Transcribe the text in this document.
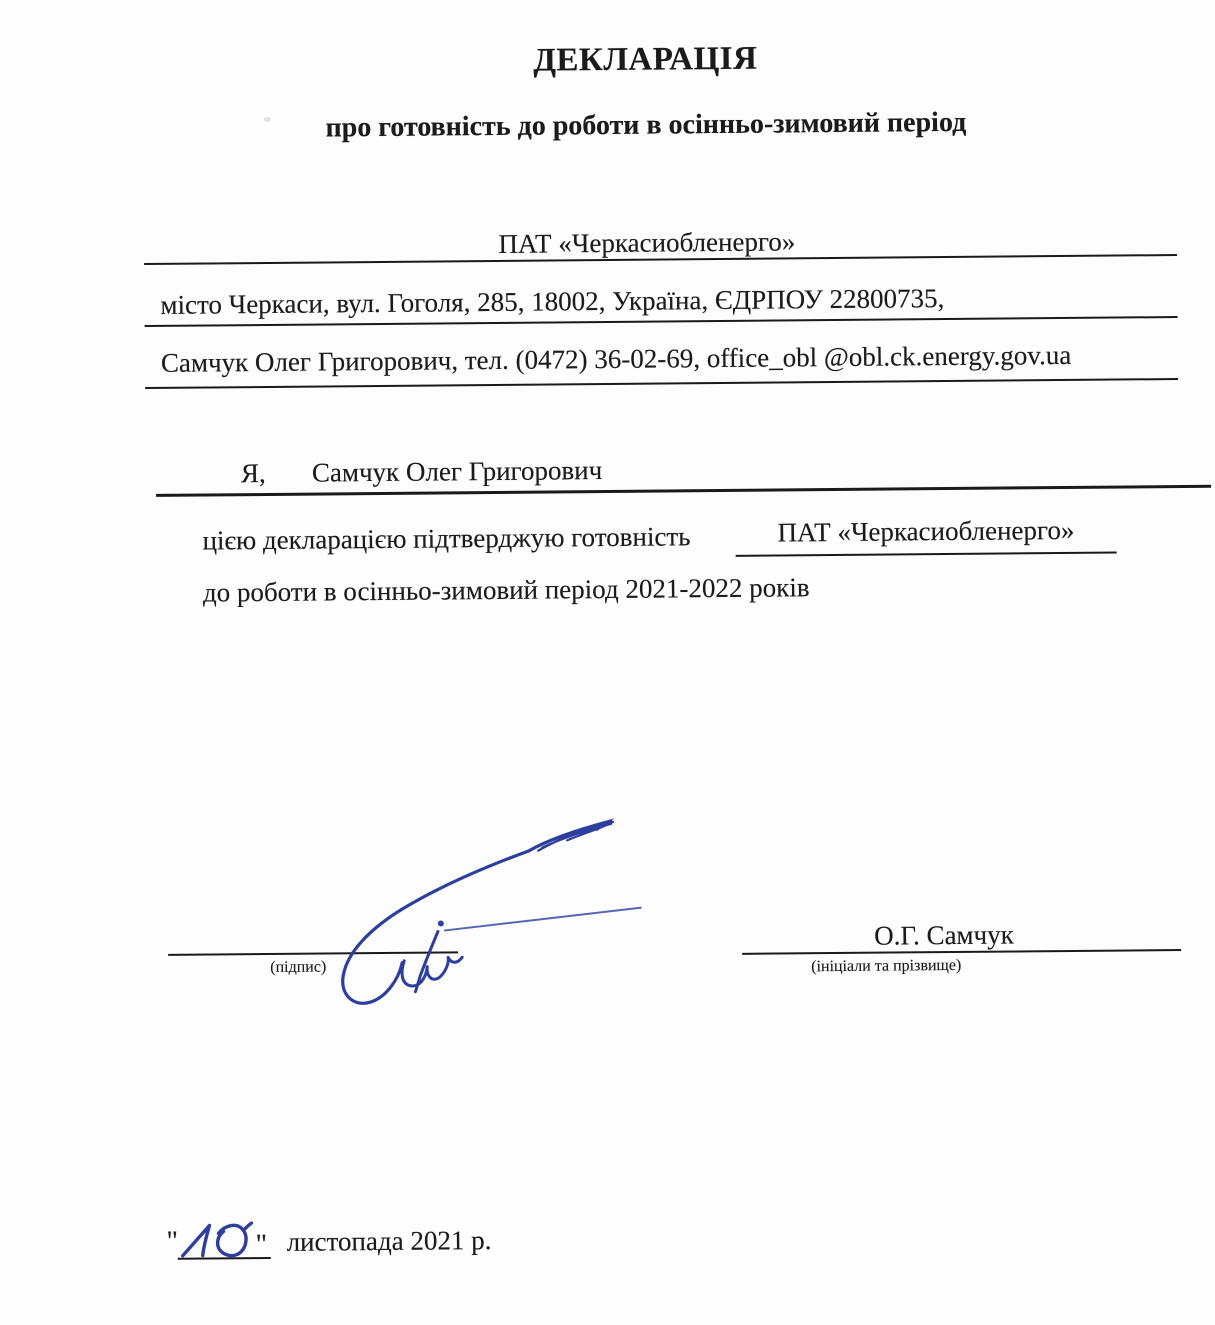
ДЕКЛАРАЦІЯ
про готовність до роботи в осінньо-зимовий період
ПАТ «Черкасиобленерго»
місто Черкаси, вул. Гоголя, 285, 18002, Україна, ЄДРПОУ 22800735,
Самчук Олег Григорович, тел. (0472) 36-02-69, office_obl @obl.ck.energy.gov.ua
Я, Самчук Олег Григорович
цією декларацією підтверджую готовність	ПАТ «Черкасиобленерго»
до роботи в осінньо-зимовий період 2021-2022 років
(підпис)
О.Г. Самчук
(ініціали та прізвище)
"	" листопада 2021 р.
